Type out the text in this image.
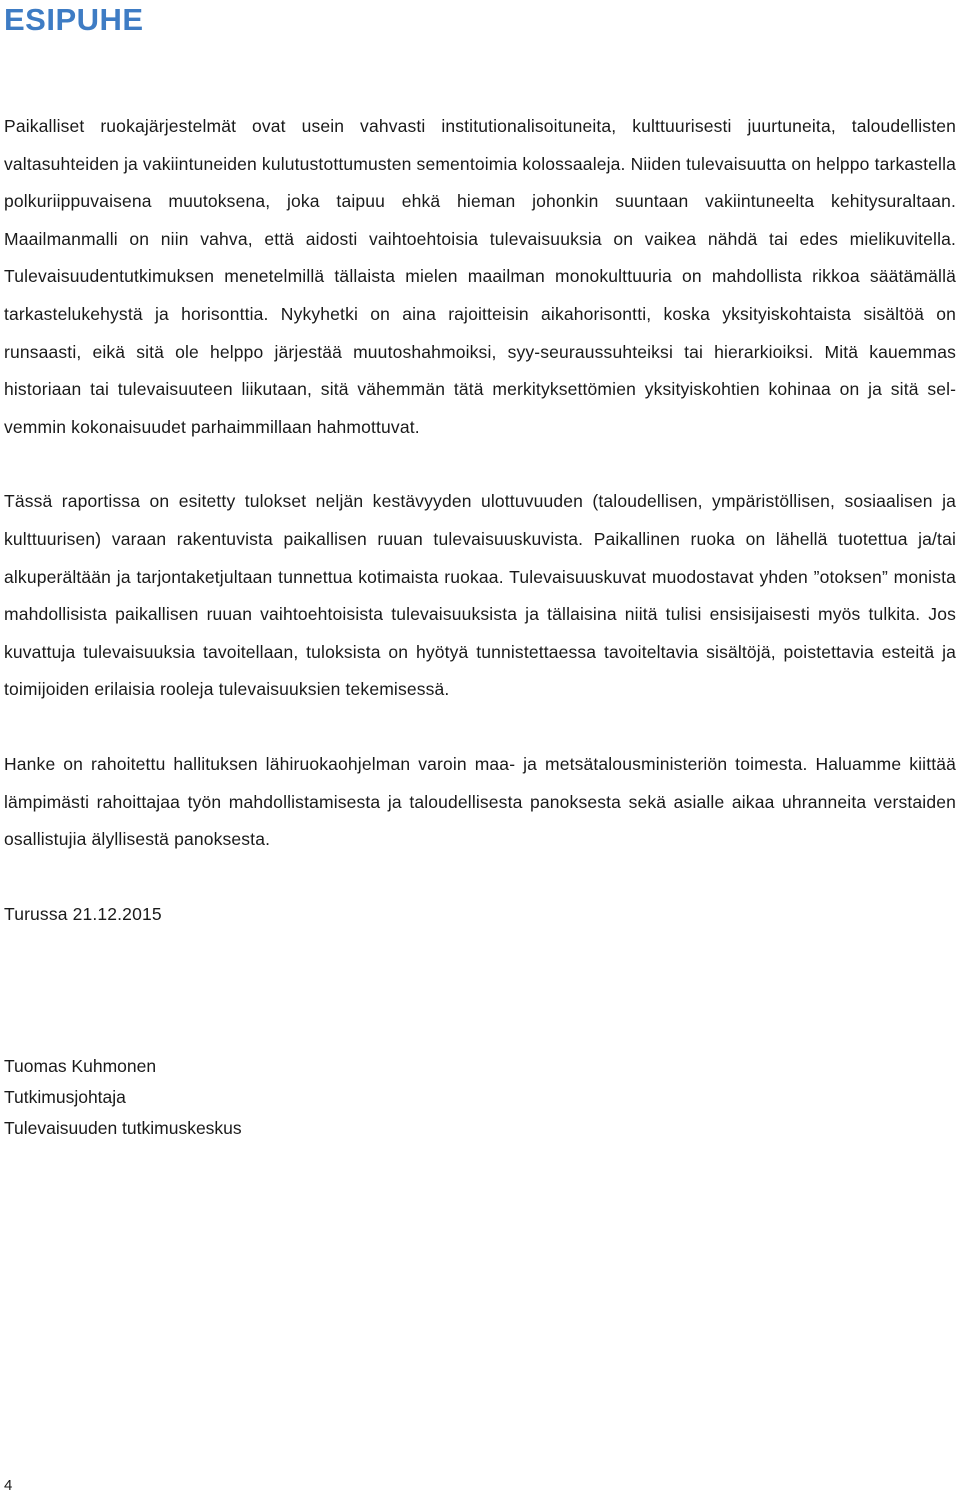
ESIPUHE

Paikalliset ruokajärjestelmät ovat usein vahvasti institutionalisoituneita, kulttuurisesti juurtuneita, taloudellisten valtasuhteiden ja vakiintuneiden kulutustottumusten sementoimia kolossaaleja. Niiden tulevaisuutta on helppo tarkastella polkuriippuvaisena muutoksena, joka taipuu ehkä hieman johonkin suuntaan vakiintuneelta kehitysuraltaan. Maailmanmalli on niin vahva, että aidosti vaihtoehtoisia tulevaisuuksia on vaikea nähdä tai edes mielikuvitella. Tulevaisuudentutkimuksen menetelmillä tällaista mielen maailman monokulttuuria on mahdollista rikkoa säätämällä tarkastelukehystä ja horisonttia. Nykyhetki on aina rajoitteisin aikahorisontti, koska yksityiskohtaista sisältöä on runsaasti, eikä sitä ole helppo järjestää muutoshahmoiksi, syy-seuraussuhteiksi tai hierarkioiksi. Mitä kauemmas historiaan tai tulevaisuuteen liikutaan, sitä vähemmän tätä merkityksettömien yksityiskohtien kohinaa on ja sitä selvemmin kokonaisuudet parhaimmillaan hahmottuvat.

Tässä raportissa on esitetty tulokset neljän kestävyyden ulottuvuuden (taloudellisen, ympäristöllisen, sosiaalisen ja kulttuurisen) varaan rakentuvista paikallisen ruuan tulevaisuuskuvista. Paikallinen ruoka on lähellä tuotettua ja/tai alkuperältään ja tarjontaketjultaan tunnettua kotimaista ruokaa. Tulevaisuuskuvat muodostavat yhden ”otoksen” monista mahdollisista paikallisen ruuan vaihtoehtoisista tulevaisuuksista ja tällaisina niitä tulisi ensisijaisesti myös tulkita. Jos kuvattuja tulevaisuuksia tavoitellaan, tuloksista on hyötyä tunnistettaessa tavoiteltavia sisältöjä, poistettavia esteitä ja toimijoiden erilaisia rooleja tulevaisuuksien tekemisessä.

Hanke on rahoitettu hallituksen lähiruokaohjelman varoin maa- ja metsätalousministeriön toimesta. Haluamme kiittää lämpimästi rahoittajaa työn mahdollistamisesta ja taloudellisesta panoksesta sekä asialle aikaa uhranneita verstaiden osallistujia älyllisestä panoksesta.

Turussa 21.12.2015

Tuomas Kuhmonen
Tutkimusjohtaja
Tulevaisuuden tutkimuskeskus
4
